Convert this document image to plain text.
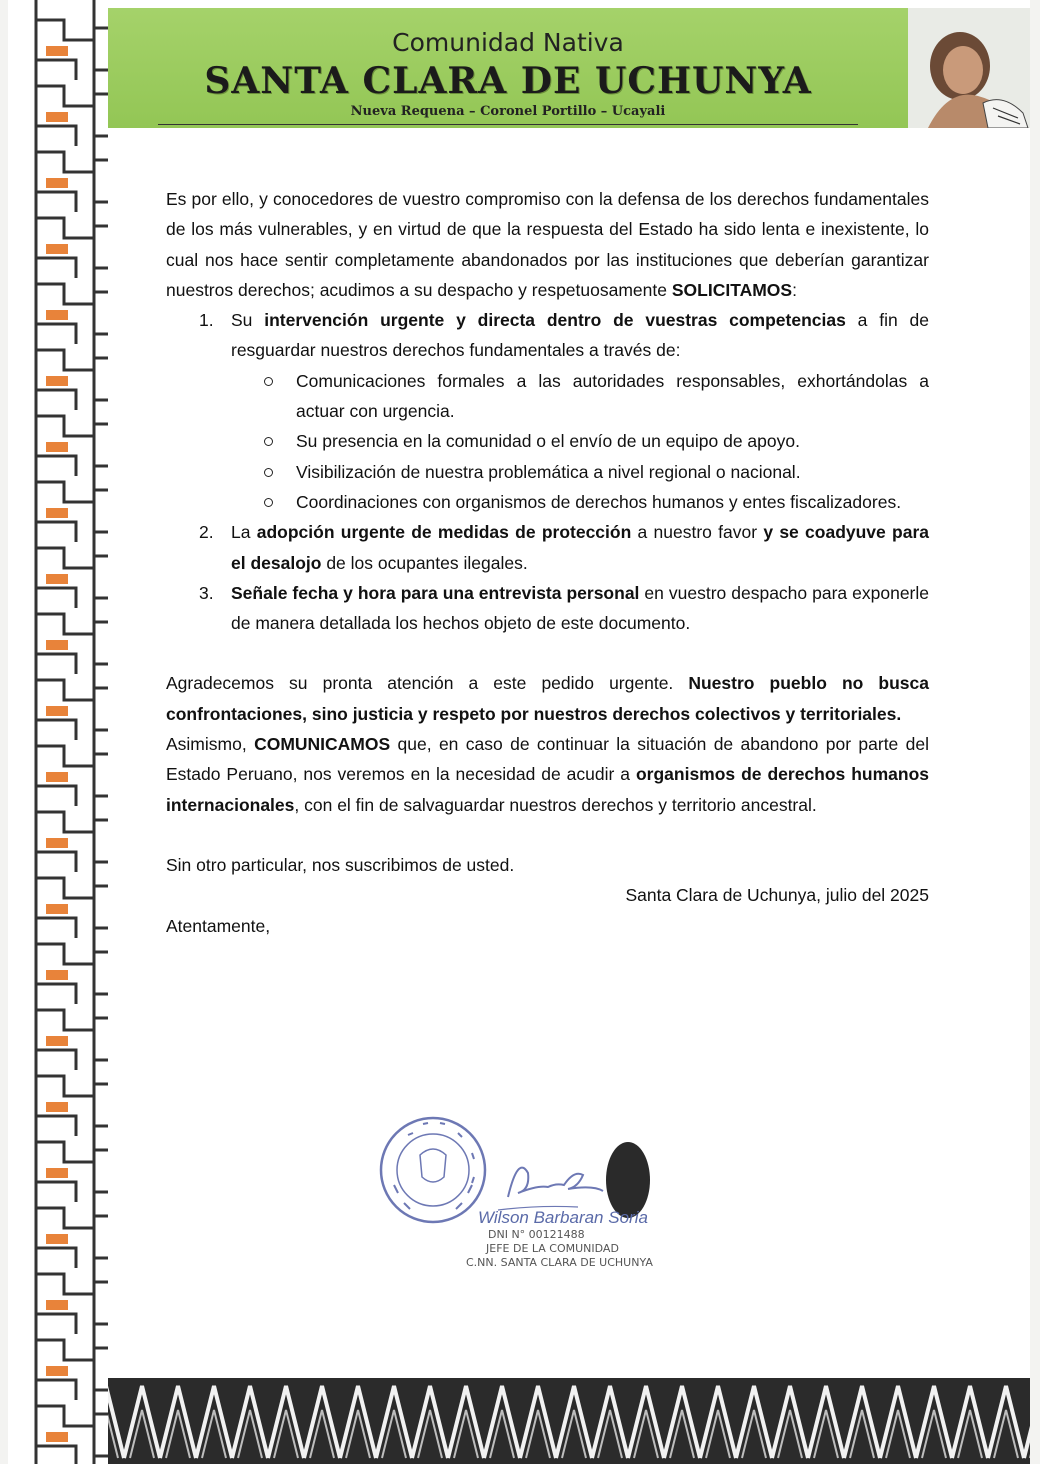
Comunidad Nativa
SANTA CLARA DE UCHUNYA
Nueva Requena – Coronel Portillo – Ucayali

Es por ello, y conocedores de vuestro compromiso con la defensa de los derechos fundamentales de los más vulnerables, y en virtud de que la respuesta del Estado ha sido lenta e inexistente, lo cual nos hace sentir completamente abandonados por las instituciones que deberían garantizar nuestros derechos; acudimos a su despacho y respetuosamente SOLICITAMOS:

1. Su intervención urgente y directa dentro de vuestras competencias a fin de resguardar nuestros derechos fundamentales a través de:
Comunicaciones formales a las autoridades responsables, exhortándolas a actuar con urgencia.
Su presencia en la comunidad o el envío de un equipo de apoyo.
Visibilización de nuestra problemática a nivel regional o nacional.
Coordinaciones con organismos de derechos humanos y entes fiscalizadores.
2. La adopción urgente de medidas de protección a nuestro favor y se coadyuve para el desalojo de los ocupantes ilegales.
3. Señale fecha y hora para una entrevista personal en vuestro despacho para exponerle de manera detallada los hechos objeto de este documento.

Agradecemos su pronta atención a este pedido urgente. Nuestro pueblo no busca confrontaciones, sino justicia y respeto por nuestros derechos colectivos y territoriales.

Asimismo, COMUNICAMOS que, en caso de continuar la situación de abandono por parte del Estado Peruano, nos veremos en la necesidad de acudir a organismos de derechos humanos internacionales, con el fin de salvaguardar nuestros derechos y territorio ancestral.

Sin otro particular, nos suscribimos de usted.

Santa Clara de Uchunya, julio del 2025

Atentamente,

Wilson Barbaran Soria
DNI N° 00121488
JEFE DE LA COMUNIDAD
C.NN. SANTA CLARA DE UCHUNYA
